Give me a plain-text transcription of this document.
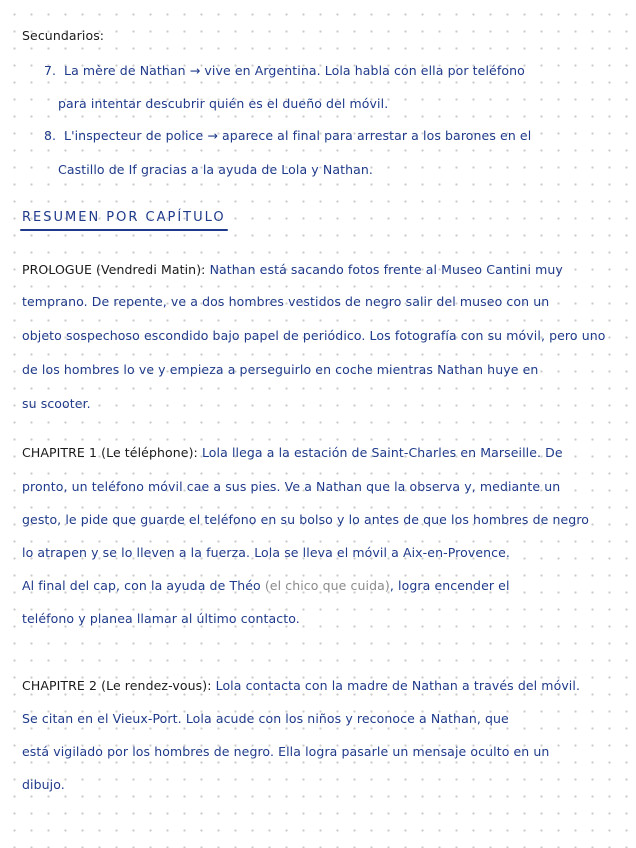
Secundarios:
7. La mère de Nathan → vive en Argentina. Lola habla con ella por teléfono
para intentar descubrir quién es el dueño del móvil.
8. L'inspecteur de police → aparece al final para arrestar a los barones en el
Castillo de If gracias a la ayuda de Lola y Nathan.
RESUMEN POR CAPÍTULO
PROLOGUE (Vendredi Matin): Nathan está sacando fotos frente al Museo Cantini muy
temprano. De repente, ve a dos hombres vestidos de negro salir del museo con un
objeto sospechoso escondido bajo papel de periódico. Los fotografía con su móvil, pero uno
de los hombres lo ve y empieza a perseguirlo en coche mientras Nathan huye en
su scooter.
CHAPITRE 1 (Le téléphone): Lola llega a la estación de Saint-Charles en Marseille. De
pronto, un teléfono móvil cae a sus pies. Ve a Nathan que la observa y, mediante un
gesto, le pide que guarde el teléfono en su bolso y lo antes de que los hombres de negro
lo atrapen y se lo lleven a la fuerza. Lola se lleva el móvil a Aix-en-Provence.
Al final del cap, con la ayuda de Théo (el chico que cuida), logra encender el
teléfono y planea llamar al último contacto.
CHAPITRE 2 (Le rendez-vous): Lola contacta con la madre de Nathan a través del móvil.
Se citan en el Vieux-Port. Lola acude con los niños y reconoce a Nathan, que
está vigilado por los hombres de negro. Ella logra pasarle un mensaje oculto en un
dibujo.
